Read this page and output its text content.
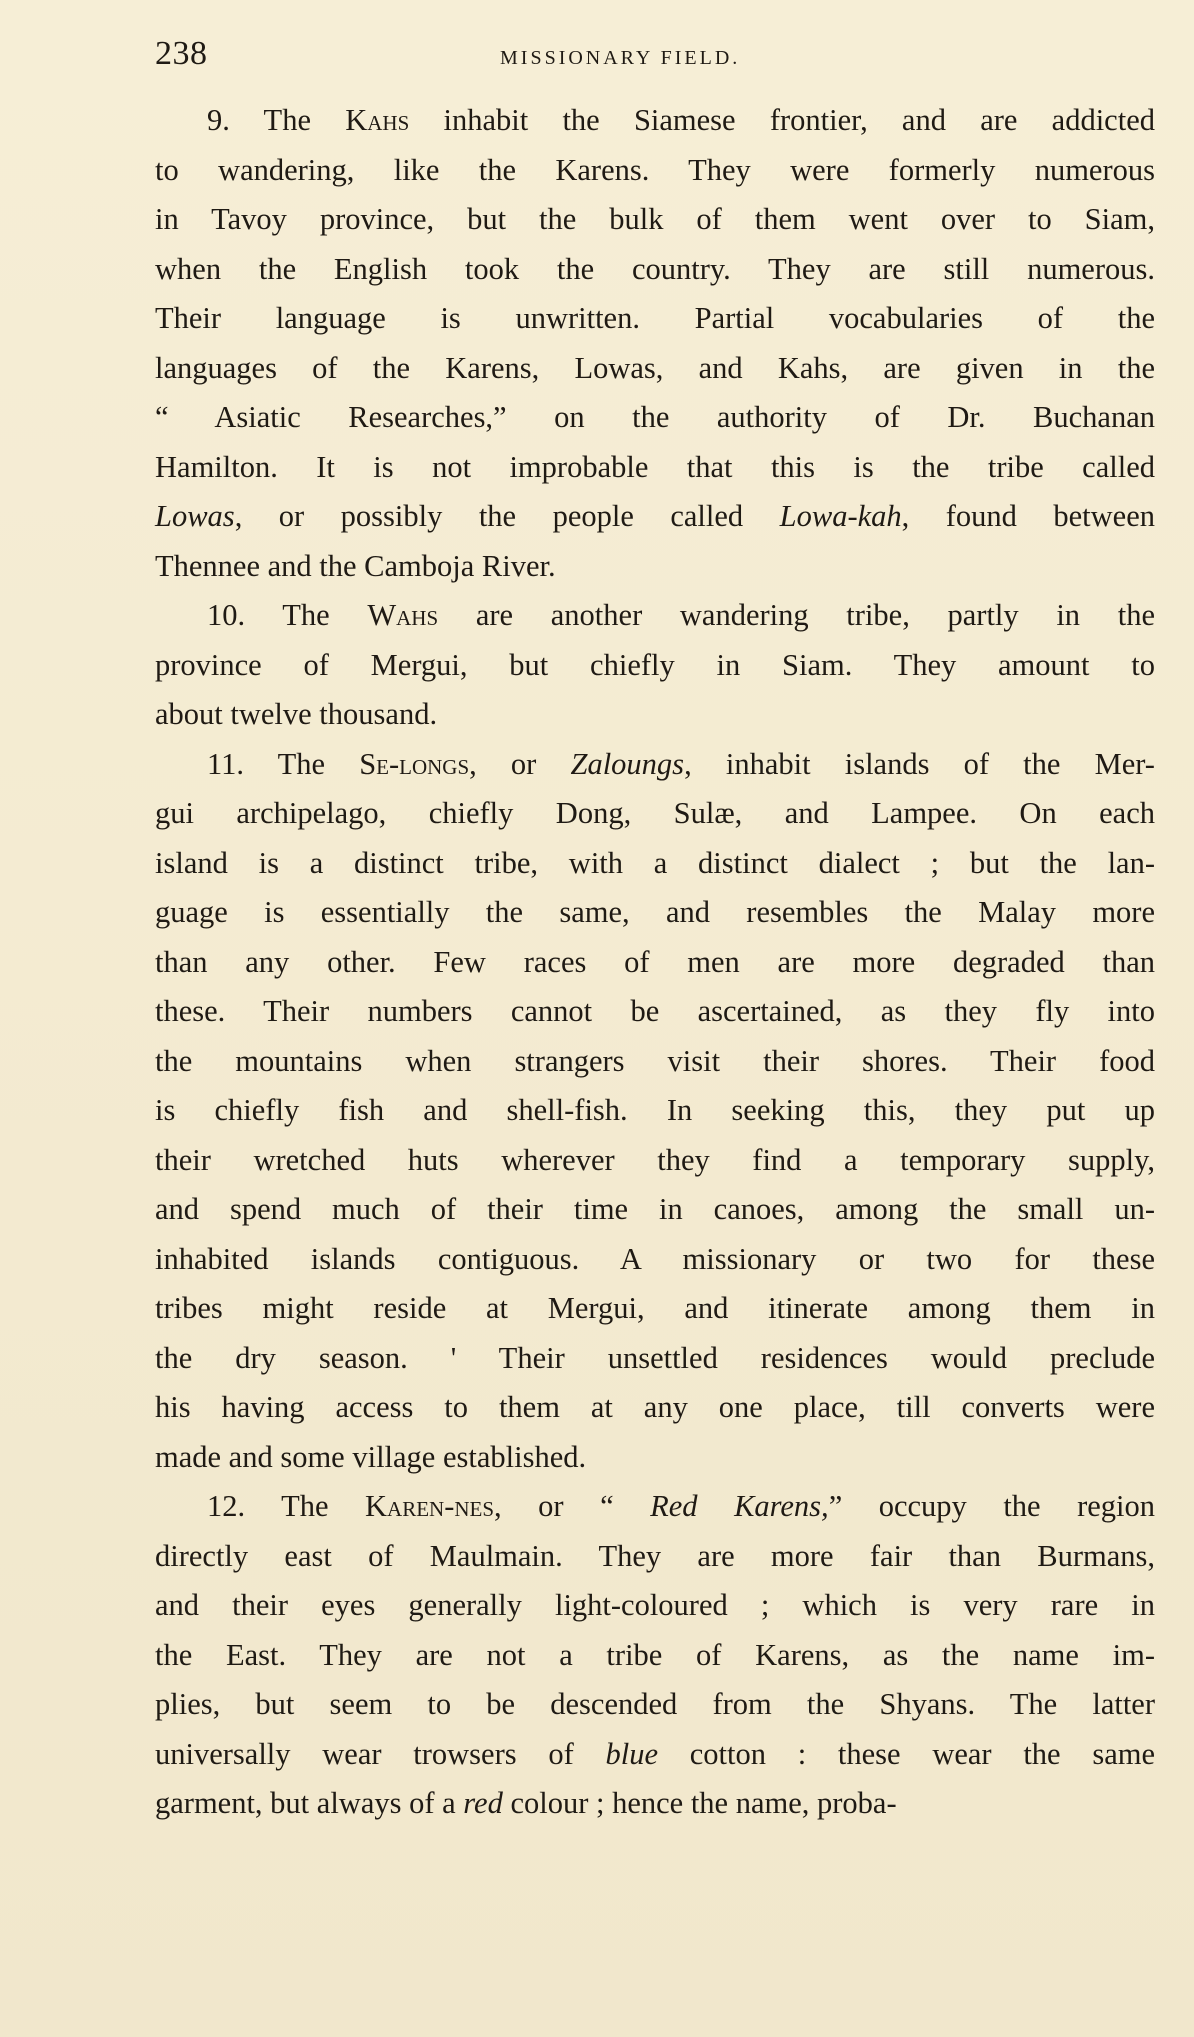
238	MISSIONARY FIELD.
9. The Kahs inhabit the Siamese frontier, and are addicted
to wandering, like the Karens. They were formerly numerous
in Tavoy province, but the bulk of them went over to Siam,
when the English took the country. They are still numerous.
Their language is unwritten. Partial vocabularies of the
languages of the Karens, Lowas, and Kahs, are given in the
“ Asiatic Researches,” on the authority of Dr. Buchanan
Hamilton. It is not improbable that this is the tribe called
Lowas, or possibly the people called Lowa-kah, found between
Thennee and the Camboja River.
10. The Wahs are another wandering tribe, partly in the
province of Mergui, but chiefly in Siam. They amount to
about twelve thousand.
11. The Se-longs, or Zaloungs, inhabit islands of the Mer-
gui archipelago, chiefly Dong, Sulæ, and Lampee. On each
island is a distinct tribe, with a distinct dialect ; but the lan-
guage is essentially the same, and resembles the Malay more
than any other. Few races of men are more degraded than
these. Their numbers cannot be ascertained, as they fly into
the mountains when strangers visit their shores. Their food
is chiefly fish and shell-fish. In seeking this, they put up
their wretched huts wherever they find a temporary supply,
and spend much of their time in canoes, among the small un-
inhabited islands contiguous. A missionary or two for these
tribes might reside at Mergui, and itinerate among them in
the dry season. ' Their unsettled residences would preclude
his having access to them at any one place, till converts were
made and some village established.
12. The Karen-nes, or “ Red Karens,” occupy the region
directly east of Maulmain. They are more fair than Burmans,
and their eyes generally light-coloured ; which is very rare in
the East. They are not a tribe of Karens, as the name im-
plies, but seem to be descended from the Shyans. The latter
universally wear trowsers of blue cotton : these wear the same
garment, but always of a red colour ; hence the name, proba-
